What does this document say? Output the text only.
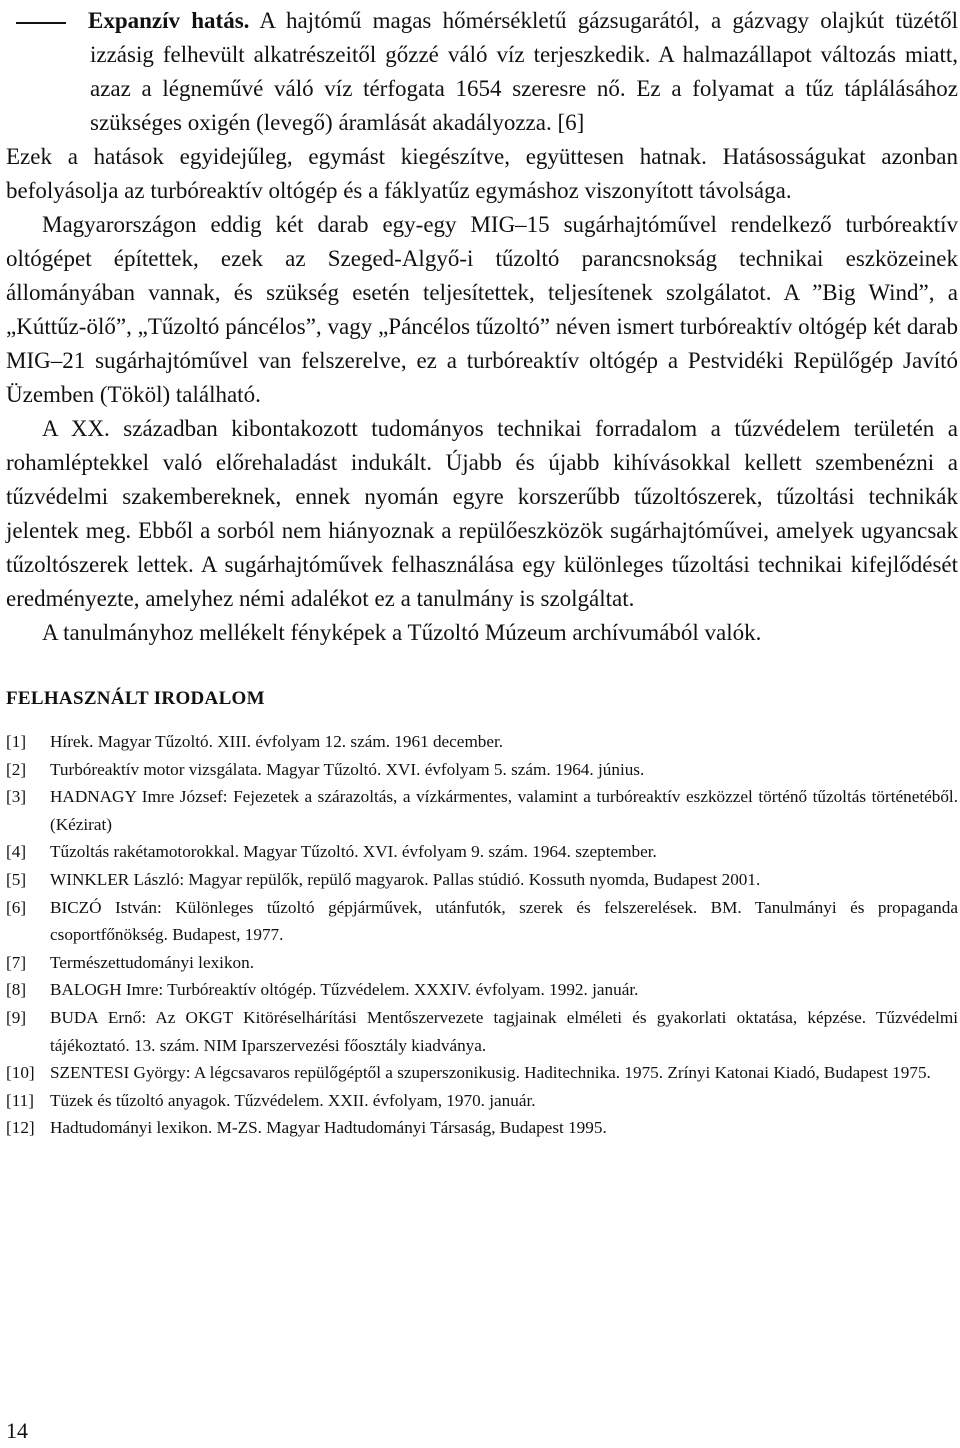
Expanzív hatás. A hajtómű magas hőmérsékletű gázsugarától, a gázvagy olajkút tüzétől izzásig felhevült alkatrészeitől gőzzé váló víz terjeszkedik. A halmazállapot változás miatt, azaz a légneművé váló víz térfogata 1654 szeresre nő. Ez a folyamat a tűz táplálásához szükséges oxigén (levegő) áramlását akadályozza. [6]

Ezek a hatások egyidejűleg, egymást kiegészítve, együttesen hatnak. Hatásosságukat azonban befolyásolja az turbóreaktív oltógép és a fáklyatűz egymáshoz viszonyított távolsága.

Magyarországon eddig két darab egy-egy MIG–15 sugárhajtóművel rendelkező turbóreaktív oltógépet építettek, ezek az Szeged-Algyő-i tűzoltó parancsnokság technikai eszközeinek állományában vannak, és szükség esetén teljesítettek, teljesítenek szolgálatot. A ”Big Wind”, a „Kúttűz-ölő”, „Tűzoltó páncélos”, vagy „Páncélos tűzoltó” néven ismert turbóreaktív oltógép két darab MIG–21 sugárhajtóművel van felszerelve, ez a turbóreaktív oltógép a Pestvidéki Repülőgép Javító Üzemben (Tököl) található.

A XX. században kibontakozott tudományos technikai forradalom a tűzvédelem területén a rohamléptekkel való előrehaladást indukált. Újabb és újabb kihívásokkal kellett szembenézni a tűzvédelmi szakembereknek, ennek nyomán egyre korszerűbb tűzoltószerek, tűzoltási technikák jelentek meg. Ebből a sorból nem hiányoznak a repülőeszközök sugárhajtóművei, amelyek ugyancsak tűzoltószerek lettek. A sugárhajtóművek felhasználása egy különleges tűzoltási technikai kifejlődését eredményezte, amelyhez némi adalékot ez a tanulmány is szolgáltat.

A tanulmányhoz mellékelt fényképek a Tűzoltó Múzeum archívumából valók.

FELHASZNÁLT IRODALOM
[1] Hírek. Magyar Tűzoltó. XIII. évfolyam 12. szám. 1961 december.
[2] Turbóreaktív motor vizsgálata. Magyar Tűzoltó. XVI. évfolyam 5. szám. 1964. június.
[3] HADNAGY Imre József: Fejezetek a szárazoltás, a vízkármentes, valamint a turbóreaktív eszközzel történő tűzoltás történetéből. (Kézirat)
[4] Tűzoltás rakétamotorokkal. Magyar Tűzoltó. XVI. évfolyam 9. szám. 1964. szeptember.
[5] WINKLER László: Magyar repülők, repülő magyarok. Pallas stúdió. Kossuth nyomda, Budapest 2001.
[6] BICZÓ István: Különleges tűzoltó gépjárművek, utánfutók, szerek és felszerelések. BM. Tanulmányi és propaganda csoportfőnökség. Budapest, 1977.
[7] Természettudományi lexikon.
[8] BALOGH Imre: Turbóreaktív oltógép. Tűzvédelem. XXXIV. évfolyam. 1992. január.
[9] BUDA Ernő: Az OKGT Kitöréselhárítási Mentőszervezete tagjainak elméleti és gyakorlati oktatása, képzése. Tűzvédelmi tájékoztató. 13. szám. NIM Iparszervezési főosztály kiadványa.
[10] SZENTESI György: A légcsavaros repülőgéptől a szuperszonikusig. Haditechnika. 1975. Zrínyi Katonai Kiadó, Budapest 1975.
[11] Tüzek és tűzoltó anyagok. Tűzvédelem. XXII. évfolyam, 1970. január.
[12] Hadtudományi lexikon. M-ZS. Magyar Hadtudományi Társaság, Budapest 1995.
14
